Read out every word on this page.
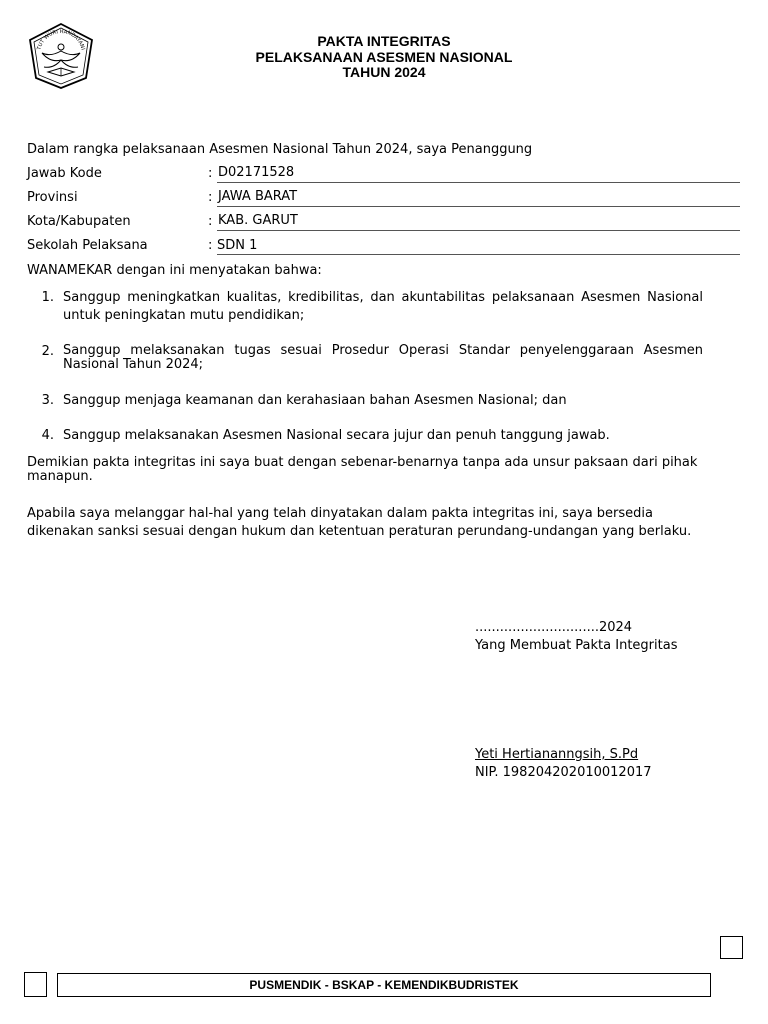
TUT WURI HANDAYANI
PAKTA INTEGRITAS
PELAKSANAAN ASESMEN NASIONAL
TAHUN 2024
Dalam rangka pelaksanaan Asesmen Nasional Tahun 2024, saya Penanggung
Jawab Kode	: D02171528
Provinsi	: JAWA BARAT
Kota/Kabupaten	: KAB. GARUT
Sekolah Pelaksana	: SDN 1
WANAMEKAR dengan ini menyatakan bahwa:
1. Sanggup meningkatkan kualitas, kredibilitas, dan akuntabilitas pelaksanaan Asesmen Nasional untuk peningkatan mutu pendidikan;
2. Sanggup melaksanakan tugas sesuai Prosedur Operasi Standar penyelenggaraan Asesmen Nasional Tahun 2024;
3. Sanggup menjaga keamanan dan kerahasiaan bahan Asesmen Nasional; dan
4. Sanggup melaksanakan Asesmen Nasional secara jujur dan penuh tanggung jawab.
Demikian pakta integritas ini saya buat dengan sebenar-benarnya tanpa ada unsur paksaan dari pihak manapun.
Apabila saya melanggar hal-hal yang telah dinyatakan dalam pakta integritas ini, saya bersedia dikenakan sanksi sesuai dengan hukum dan ketentuan peraturan perundang-undangan yang berlaku.
..............................2024
Yang Membuat Pakta Integritas
Yeti Hertiananngsih, S.Pd
NIP. 198204202010012017
PUSMENDIK - BSKAP - KEMENDIKBUDRISTEK
